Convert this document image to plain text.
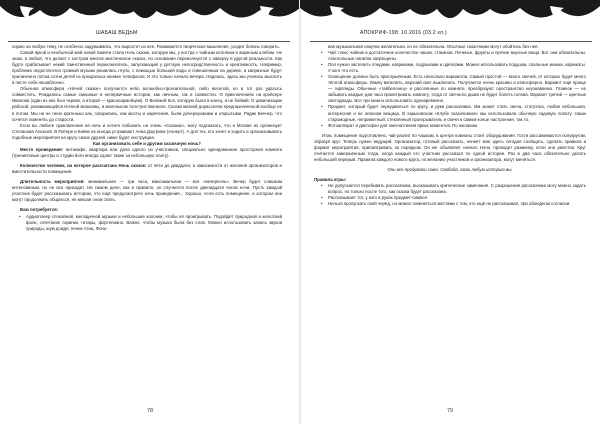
ШАБАШ ВЕДЬМ

хорию на любую тему, не особенно задумываясь, что выростет из нее. Развивается творческое мышление, уходит боязнь говорить.

Самой яркой и необычной мой новой памяти стала Ночь сказок, которую мы, у костра с чайным котелком и жареным хлебом. Не знаю, в любой, что делает с костром многое мистическое сказок, но основание переволнуется с наверху в другой реальности. Как будто срабатывает некий таинственный переключатель, запускающий у детскую непосредственность и креативность. Например, проблема недостаточно громкой музыки решилась глупо, с помощью большей воды и повешенным на дереве, а капризные будут приличенно потом сотни детей из прекрасных книжек телефонов. И это только начало вечера. Надеюсь, здесь мы учились мыслить в песте себя нешаблонно.

Обычная атмосфера «Ночей сказок» получается небо волшебно-пронзительной, либо веселой, но в тот раз удалось совместить. Рождались самые смешные и непервичные истории, как личным, так и совместно. О приключениях на крейсере Иванова (один из них был червяк, а второй — красноармейцем). О Великой Кол, которую была в конец, и не бойкий. О цивилизации рабской, развивающейся Ночной мошканы, и маленьком толстуне Бюнеске. Сказки магией дорассеяли предназначенной вообще не в потом. Мы ни не пели кратенько как, говорились, как мосты и наречения, были дочерерожими и открытыми. Радик Бенчер, что хочется поменять до старости.

Если вы любите приключения на ночь и хотите побывать на очень «Сказках», могу подсказать, что в Москве их организует Степанова Алексей. В Питере и Киеве их иногда устраивает Анна Доугрина (Ахнерт). А для тех, кто хочет и ходить и организовывать подобные мероприятия на кругу своих друзей, ниже будет инструкция.

Как организовать себе и другим сказочную ночь?

Место проведения: антикафе, квартира или дача одного из участников, специально арендованная просторная комната (тренинговые центры и студии йоги иногда сдают такие за небольшую плату).

Количество человек, на которое рассчитана Ночь сказок: от пяти до двадцати, в зависимости от желания организаторов и вместительности помещения.

Длительность мероприятия: минимальная — три часа, максимальная — вся «вечерночь». Вечер будет слишком интенсивным, но не все приходит. На самом деле, как и правило, он случается после двенадцати часов ночи. Пусть каждый участник будет рассказывать историю, что ещё предусмотрите ночь проведения... Хорошо, если есть помещение, в котором они могут продолжить общаться, не мешая сном спать.

Вам потребуется:

• Аудиоплеер спокойной, мелодичной музыки и небольшие колонки, чтобы её проигрывать. Подойдёт природной и кельтский фолк, сочетание скрипки, гитары, фортепиано. Важно, чтобы музыка была без слов. Можно использовать запись звуков природы, шум дождя, пение птиц. Фоно-
78
АПОКРИФ-198: 10.2016 (03.2 кл.)
вая музыкальная озвучка желательна, но не обязательна. Опытные сказочники могут обойтись без неё.
• Чай: плюс чайник и достаточное количество чашек, стаканов. Печенье, фрукты и прочие вкусные вещи. Вот они обязательны. Алкогольные напитки запрещены.
• Пол нужно застелить пледами, ковриками, подушками и одеялами. Можно использовать подушки, спальные мешки, карематы. У кого что есть.
• Освещение должно быть приглушённым. Есть несколько вариантов. Самый простой — много свечей, от которых будет много тёплой атмосферы. Лампу включить, верхний свет выключить. Получается очень красиво и атмосферно. Вариант ещё проще — гирлянды. Обычные «тайбеленец» и рассеянные по комнате, преобразуют пространство неузнаваемо. Главное — не забывать каждые два часа проветривать комнату, тогда от свечного дыма не будет болеть голова. Вариант третий — цветные светодиоды. Все три можно использовать одновременно.
• Предмет, который будет передаваться по кругу, и руки рассказчика. Им может стать свеча, статуэтка, любая небольшая, интересная и не опасная вещица. В харьковском «Клубе сказочников» мы использовали обычную садовую лопату. Наши старомодные, неприметный: стеклянный проигрыватель и свечи в самом конце настроения, так то.
• Фотоаппарат и диктофон для запечатления ярких моментов. По желанию.

Итак, помещение подготовлено, чай разлит по чашкам, в центре комнаты стоит оборудования. Гости рассаживаются полукругом, образуя круг. Теперь нужен ведущий. Организатор, готовый рассказать, начнёт мне здесь сегодня сообщить, сделать правила и формат мероприятия, присматривать за порядком. Он же объявляет начало Ночи, проводит разминку, если она уместна. Круг считается завершённым тогда, когда каждый его участник рассказал по одной истории. Раз в два часа обязательно делать небольшой перерыв. Правила каждого нового круга, по желанию участников и организатора, могут меняться.

Они все продумали сами. Свобода, свою любую историю вы.

Правила игры:

• Не допускается перебивать рассказчика, высказывать критические замечания. С разрешения рассказчика могу можно задать вопрос, но только после того, как сказка будет рассказана.
• Рассказывает тот, у кого в руках предмет-символ.
• Нельзя пропускать свой черёд, но можно поменяться местами с тем, кто ещё не рассказывал, при обоюдном согласии.
79
